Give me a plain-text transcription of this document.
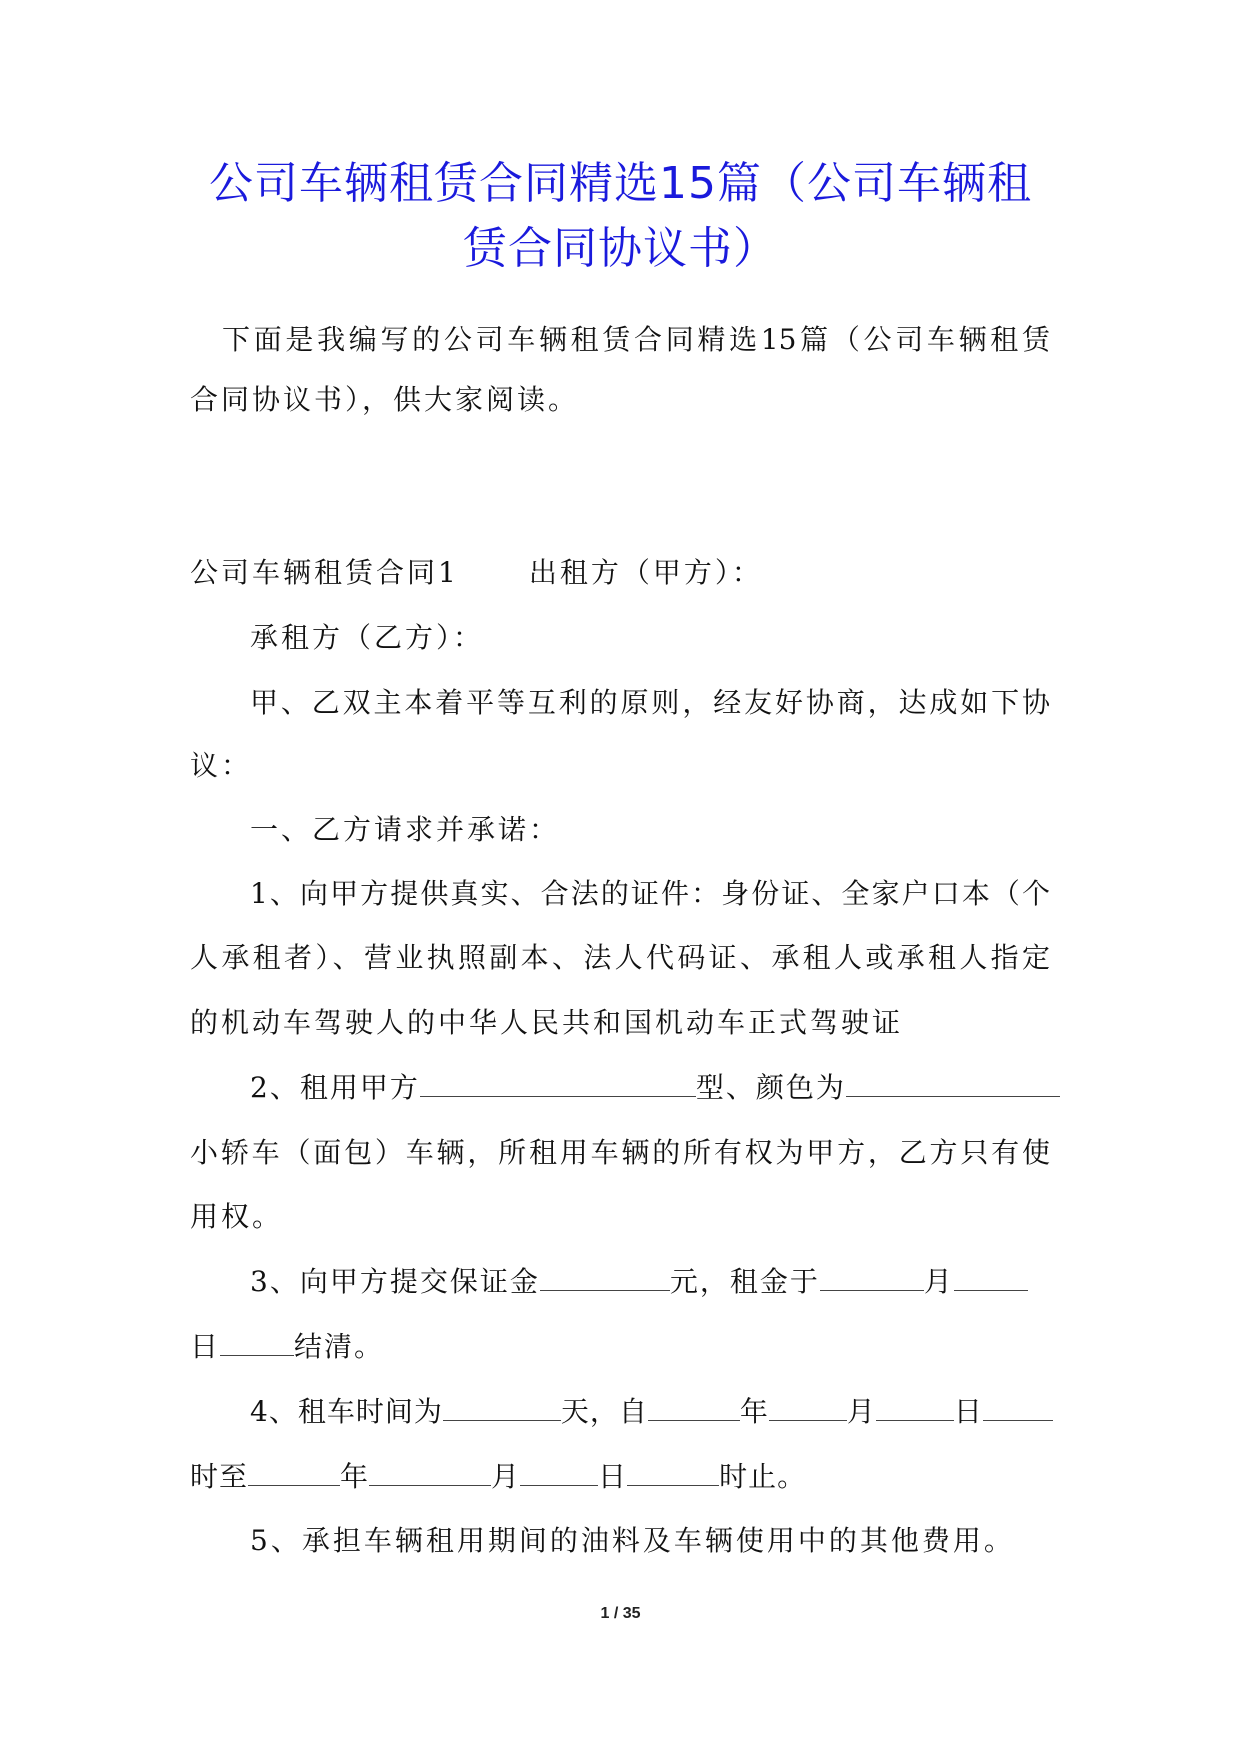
公司车辆租赁合同精选15篇（公司车辆租
赁合同协议书）
下面是我编写的公司车辆租赁合同精选15篇（公司车辆租赁
合同协议书），供大家阅读。
公司车辆租赁合同1	出租方（甲方）：
承租方（乙方）：
甲、乙双主本着平等互利的原则，经友好协商，达成如下协
议：
一、乙方请求并承诺：
1、向甲方提供真实、合法的证件：身份证、全家户口本（个
人承租者）、营业执照副本、法人代码证、承租人或承租人指定
的机动车驾驶人的中华人民共和国机动车正式驾驶证
2、租用甲方	型、颜色为
小轿车（面包）车辆，所租用车辆的所有权为甲方，乙方只有使
用权。
3、向甲方提交保证金	元，租金于	月
日	结清。
4、租车时间为	天，自	年	月	日
时至	年	月	日	时止。
5、承担车辆租用期间的油料及车辆使用中的其他费用。
1 / 35
